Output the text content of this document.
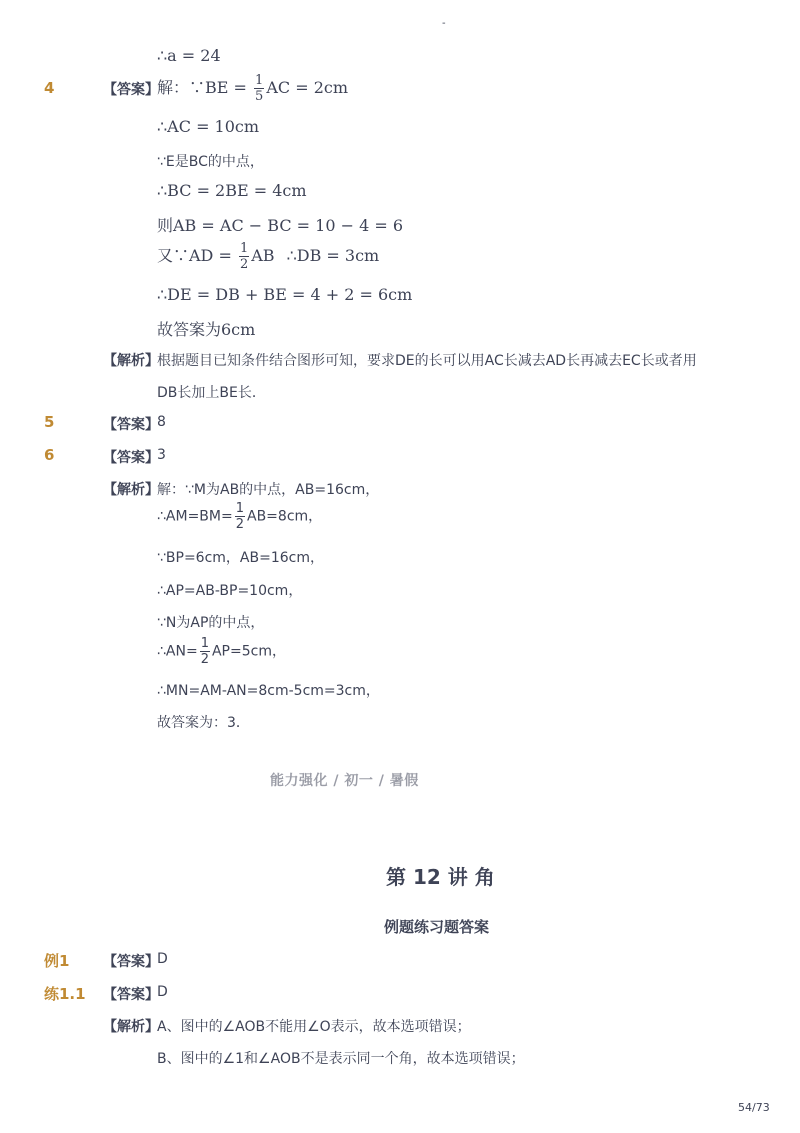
-
∴a = 24
4	【答案】
解：∵BE = $\frac{1}{5}$ AC = 2cm
∴AC = 10cm
∵E是BC的中点，
∴BC = 2BE = 4cm
则AB = AC − BC = 10 − 4 = 6
又∵AD = $\frac{1}{2}$ AB ∴DB = 3cm
∴DE = DB + BE = 4 + 2 = 6cm
故答案为6cm
【解析】
根据题目已知条件结合图形可知，要求DE的长可以用AC长减去AD长再减去EC长或者用
DB长加上BE长．
5	【答案】
8
6	【答案】
3
【解析】
解：∵M为AB的中点，AB=16cm，
∴AM=BM= $\frac{1}{2} AB=8cm$，
∵BP=6cm，AB=16cm，
∴AP=AB-BP=10cm，
∵N为AP的中点，
∴AN= $\frac{1}{2} AP=5cm$，
∴MN=AM-AN=8cm-5cm=3cm，
故答案为：3．
能力强化 / 初一 / 暑假
第 12 讲 角
例题练习题答案
例1 【答案】
D
练1.1 【答案】
D
【解析】
A、图中的∠AOB不能用∠O表示，故本选项错误；
B、图中的∠1和∠AOB不是表示同一个角，故本选项错误；
54/73
